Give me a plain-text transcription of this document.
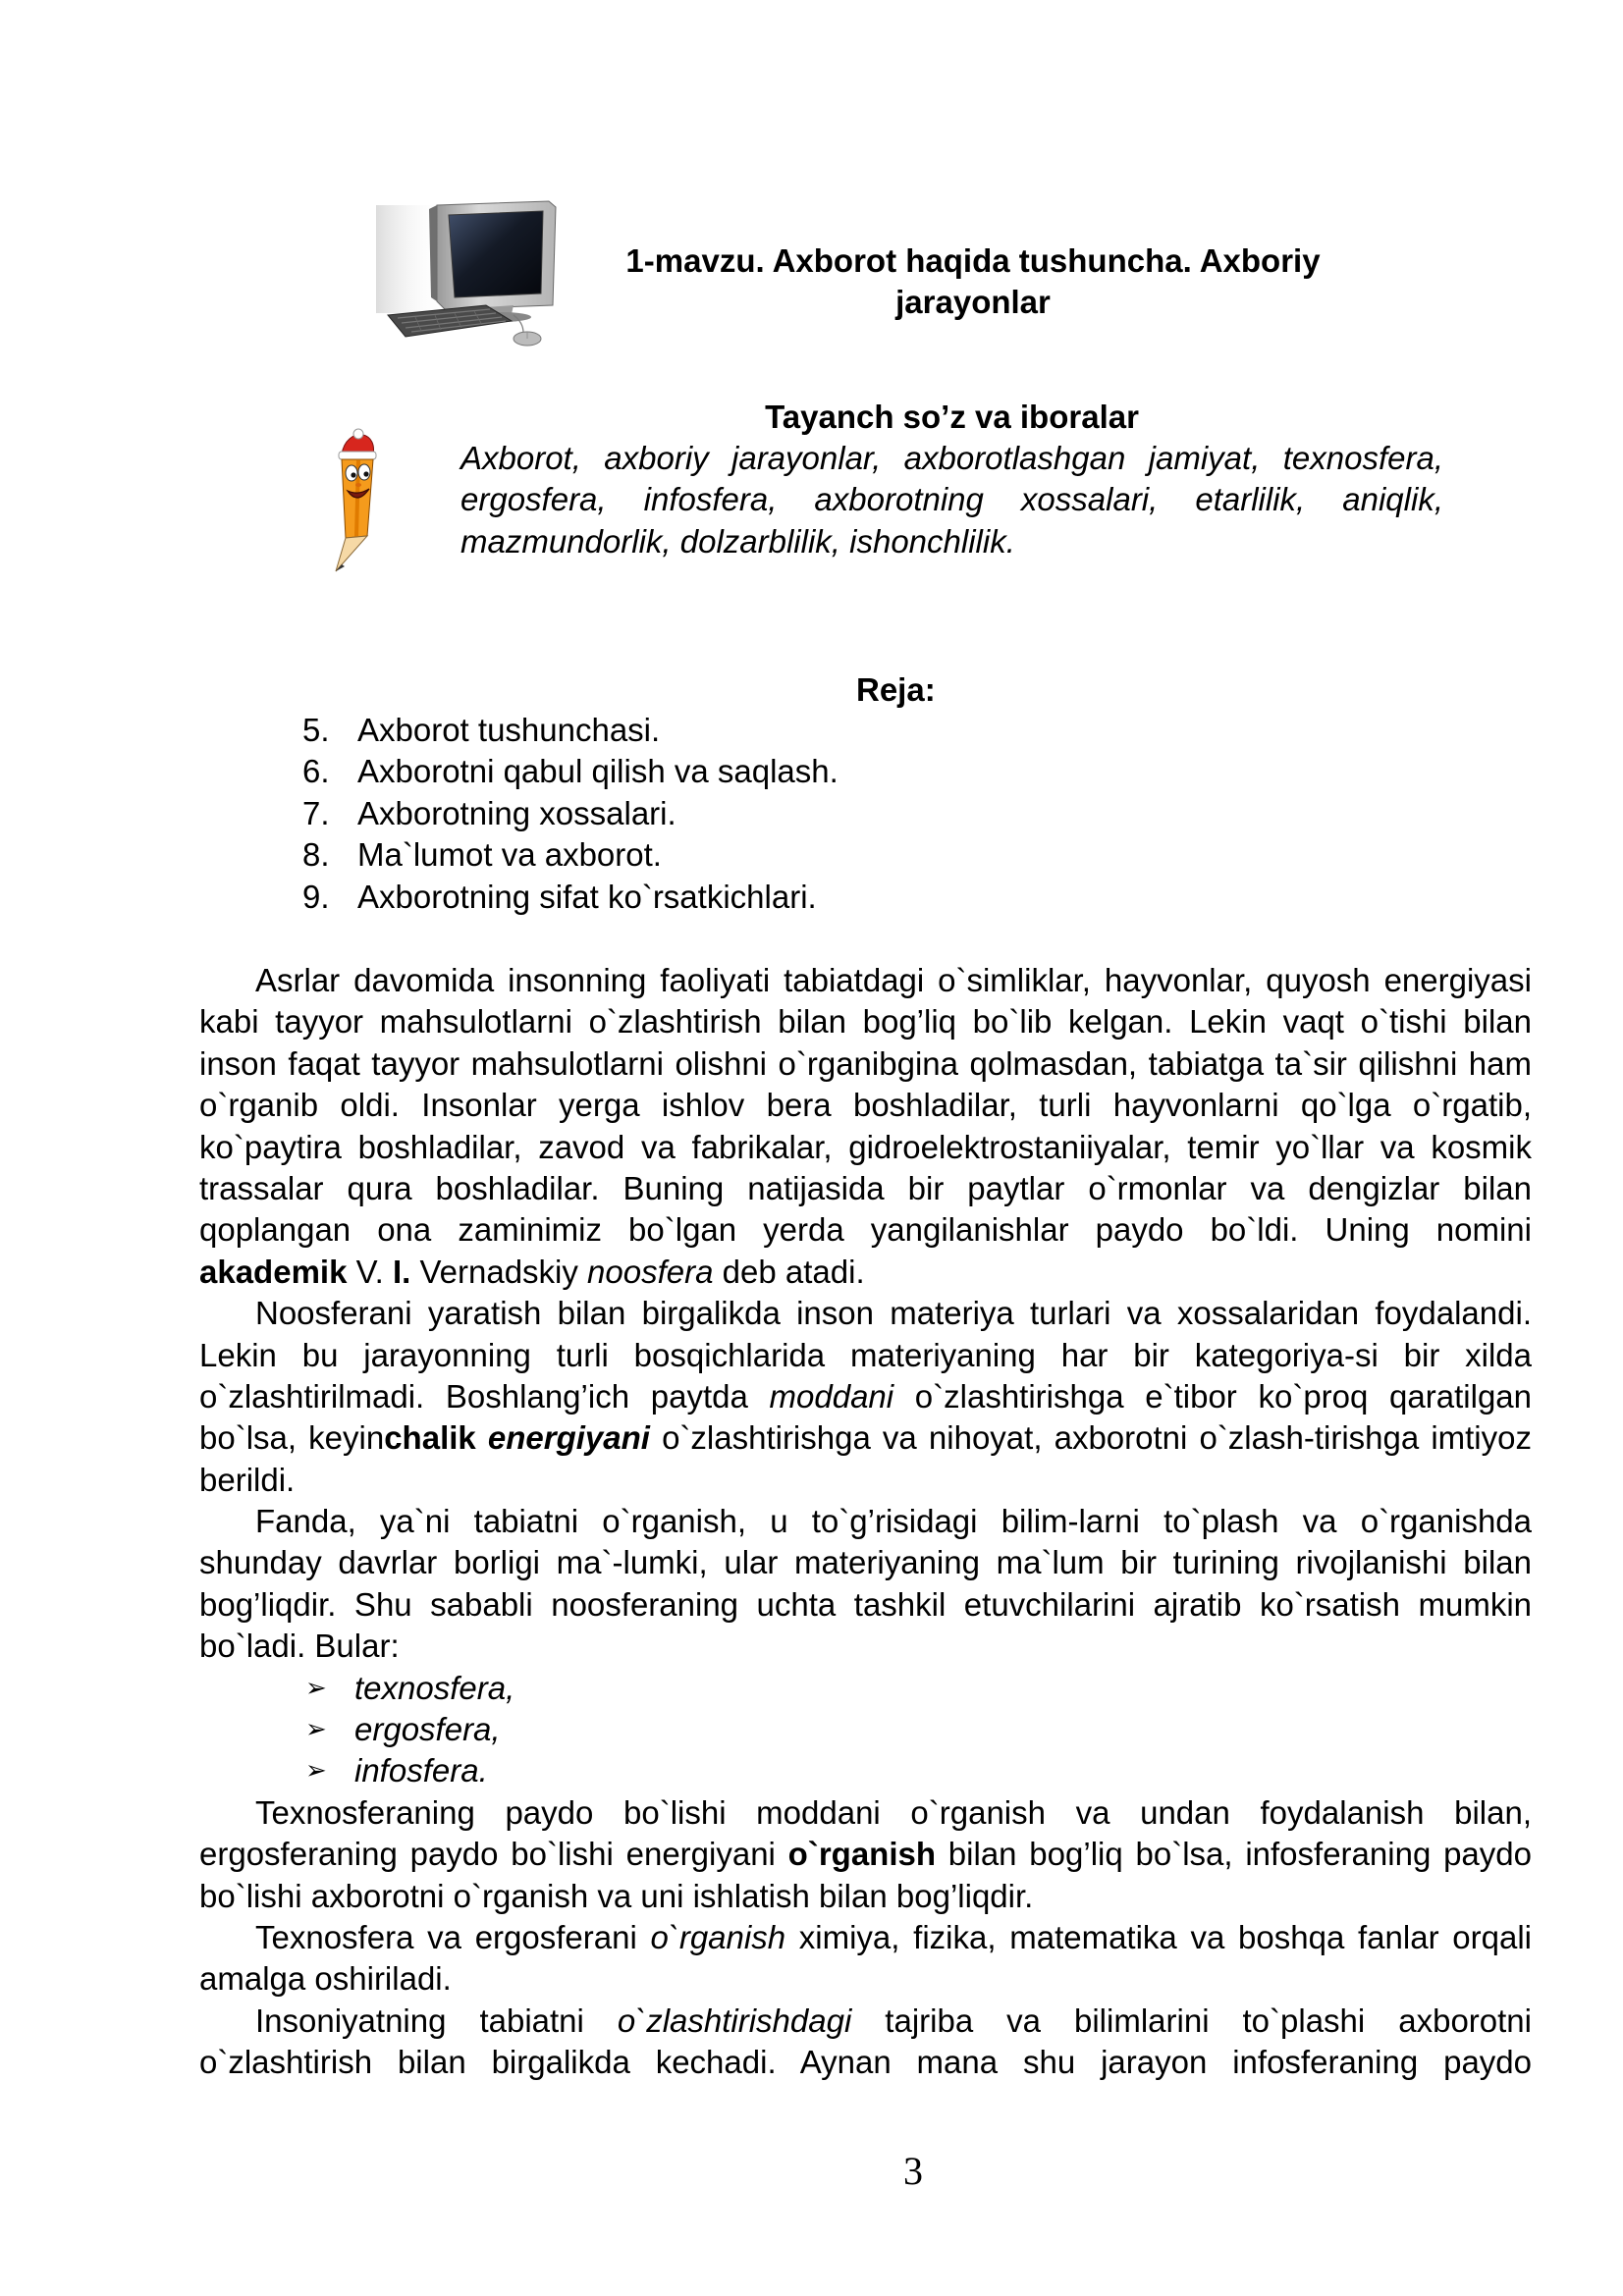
1-mavzu. Axborot haqida tushuncha. Axboriy
jarayonlar
Tayanch so’z va iboralar
Axborot, axboriy jarayonlar, axborotlashgan jamiyat, texnosfera,
ergosfera, infosfera, axborotning xossalari, etarlilik, aniqlik,
mazmundorlik, dolzarblilik, ishonchlilik.
Reja:
5. Axborot tushunchasi.
6. Axborotni qabul qilish va saqlash.
7. Axborotning xossalari.
8. Ma`lumot va axborot.
9. Axborotning sifat ko`rsatkichlari.
Asrlar davomida insonning faoliyati tabiatdagi o`simliklar, hayvonlar, quyosh energiyasi
kabi tayyor mahsulotlarni o`zlashtirish bilan bog’liq bo`lib kelgan. Lekin vaqt o`tishi bilan
inson faqat tayyor mahsulotlarni olishni o`rganibgina qolmasdan, tabiatga ta`sir qilishni ham
o`rganib oldi. Insonlar yerga ishlov bera boshladilar, turli hayvonlarni qo`lga o`rgatib,
ko`paytira boshladilar, zavod va fabrikalar, gidroelektrostaniiyalar, temir yo`llar va kosmik
trassalar qura boshladilar. Buning natijasida bir paytlar o`rmonlar va dengizlar bilan
qoplangan ona zaminimiz bo`lgan yerda yangilanishlar paydo bo`ldi. Uning nomini
akademik V. I. Vernadskiy noosfera deb atadi.
Noosferani yaratish bilan birgalikda inson materiya turlari va xossalaridan foydalandi.
Lekin bu jarayonning turli bosqichlarida materiyaning har bir kategoriya-si bir xilda
o`zlashtirilmadi. Boshlang’ich paytda moddani o`zlashtirishga e`tibor ko`proq qaratilgan
bo`lsa, keyinchalik energiyani o`zlashtirishga va nihoyat, axborotni o`zlash-tirishga imtiyoz
berildi.
Fanda, ya`ni tabiatni o`rganish, u to`g’risidagi bilim-larni to`plash va o`rganishda
shunday davrlar borligi ma`-lumki, ular materiyaning ma`lum bir turining rivojlanishi bilan
bog’liqdir. Shu sababli noosferaning uchta tashkil etuvchilarini ajratib ko`rsatish mumkin
bo`ladi. Bular:
➢ texnosfera,
➢ ergosfera,
➢ infosfera.
Texnosferaning paydo bo`lishi moddani o`rganish va undan foydalanish bilan,
ergosferaning paydo bo`lishi energiyani o`rganish bilan bog’liq bo`lsa, infosferaning paydo
bo`lishi axborotni o`rganish va uni ishlatish bilan bog’liqdir.
Texnosfera va ergosferani o`rganish ximiya, fizika, matematika va boshqa fanlar orqali
amalga oshiriladi.
Insoniyatning tabiatni o`zlashtirishdagi tajriba va bilimlarini to`plashi axborotni
o`zlashtirish bilan birgalikda kechadi. Aynan mana shu jarayon infosferaning paydo
3
